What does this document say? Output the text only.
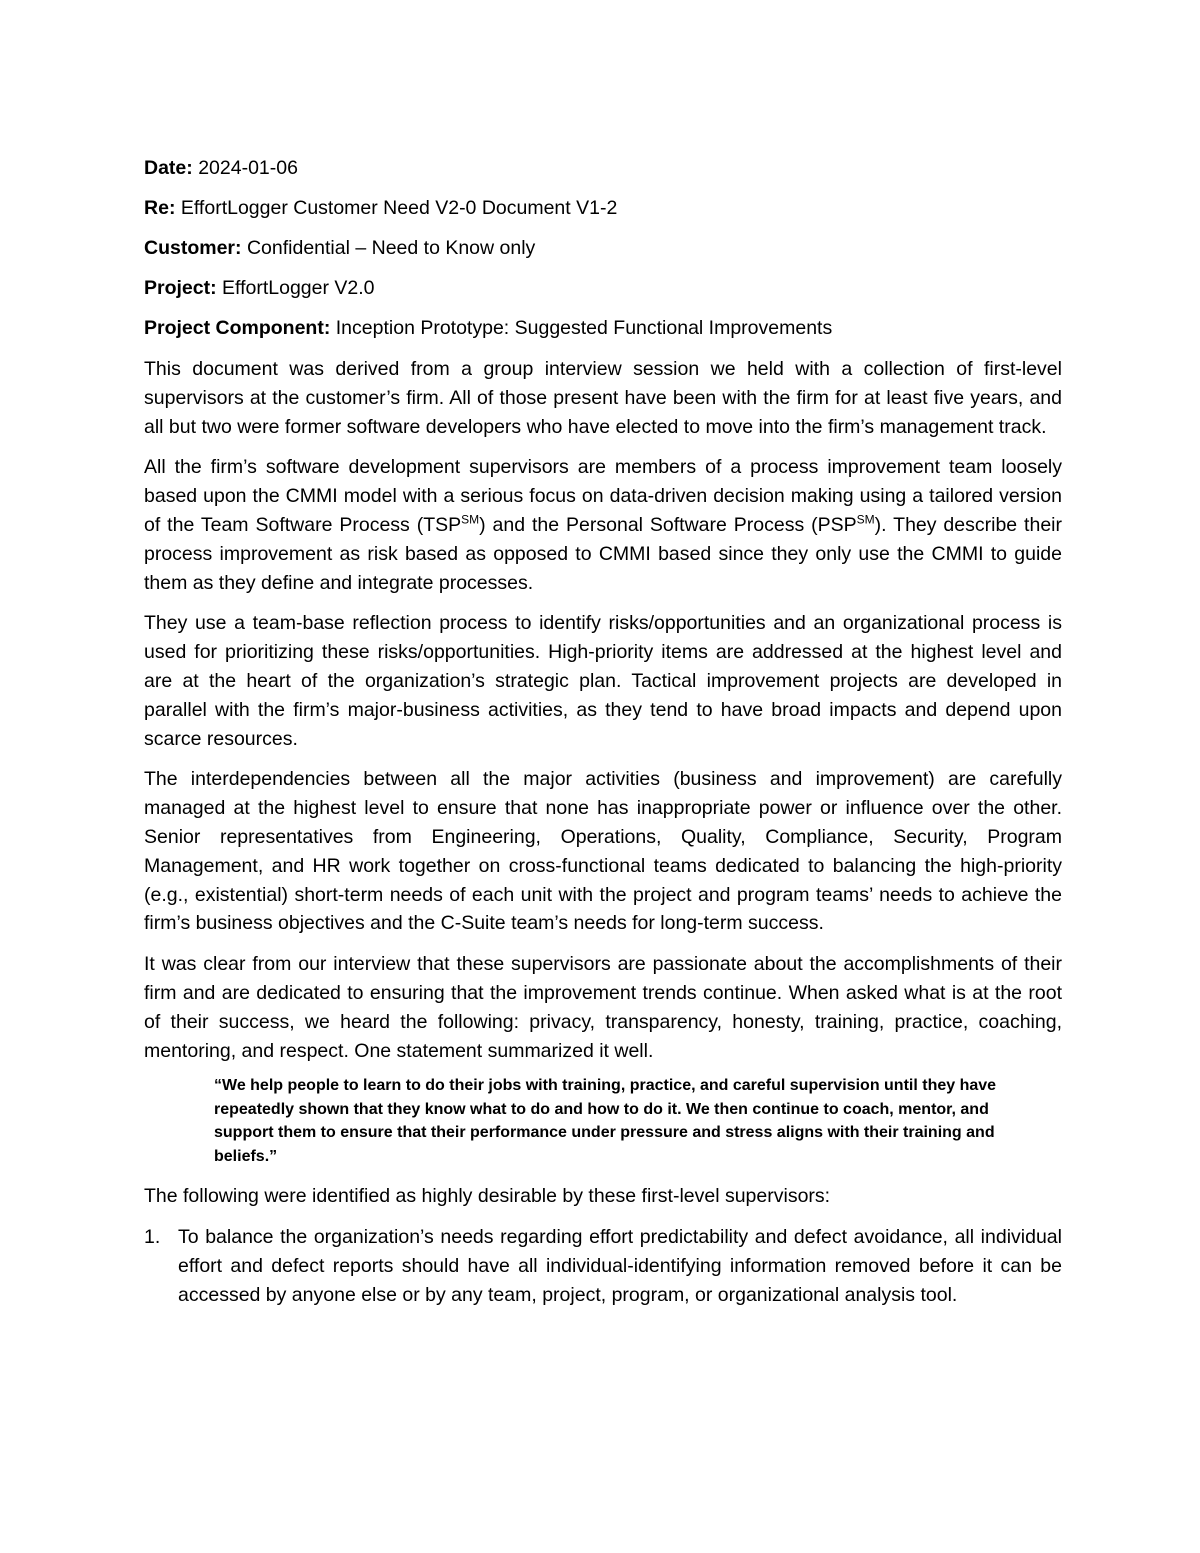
Date: 2024-01-06
Re: EffortLogger Customer Need V2-0 Document V1-2
Customer: Confidential – Need to Know only
Project: EffortLogger V2.0
Project Component: Inception Prototype: Suggested Functional Improvements

This document was derived from a group interview session we held with a collection of first-level supervisors at the customer’s firm. All of those present have been with the firm for at least five years, and all but two were former software developers who have elected to move into the firm’s management track.

All the firm’s software development supervisors are members of a process improvement team loosely based upon the CMMI model with a serious focus on data-driven decision making using a tailored version of the Team Software Process (TSP℠) and the Personal Software Process (PSP℠). They describe their process improvement as risk based as opposed to CMMI based since they only use the CMMI to guide them as they define and integrate processes.

They use a team-base reflection process to identify risks/opportunities and an organizational process is used for prioritizing these risks/opportunities. High-priority items are addressed at the highest level and are at the heart of the organization’s strategic plan. Tactical improvement projects are developed in parallel with the firm’s major-business activities, as they tend to have broad impacts and depend upon scarce resources.

The interdependencies between all the major activities (business and improvement) are carefully managed at the highest level to ensure that none has inappropriate power or influence over the other. Senior representatives from Engineering, Operations, Quality, Compliance, Security, Program Management, and HR work together on cross-functional teams dedicated to balancing the high-priority (e.g., existential) short-term needs of each unit with the project and program teams’ needs to achieve the firm’s business objectives and the C-Suite team’s needs for long-term success.

It was clear from our interview that these supervisors are passionate about the accomplishments of their firm and are dedicated to ensuring that the improvement trends continue. When asked what is at the root of their success, we heard the following: privacy, transparency, honesty, training, practice, coaching, mentoring, and respect. One statement summarized it well.

“We help people to learn to do their jobs with training, practice, and careful supervision until they have repeatedly shown that they know what to do and how to do it. We then continue to coach, mentor, and support them to ensure that their performance under pressure and stress aligns with their training and beliefs.”

The following were identified as highly desirable by these first-level supervisors:

1. To balance the organization’s needs regarding effort predictability and defect avoidance, all individual effort and defect reports should have all individual-identifying information removed before it can be accessed by anyone else or by any team, project, program, or organizational analysis tool.
